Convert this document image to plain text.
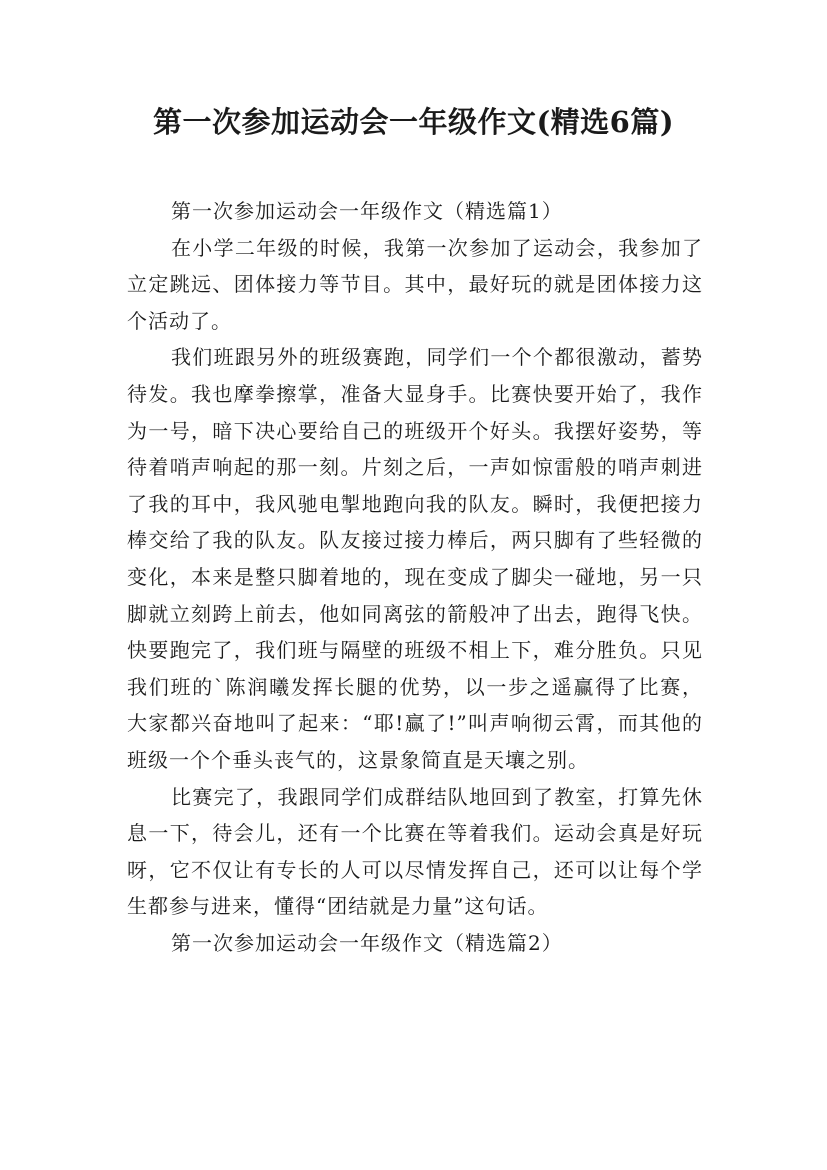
第一次参加运动会一年级作文(精选6篇)

第一次参加运动会一年级作文（精选篇1）

在小学二年级的时候，我第一次参加了运动会，我参加了立定跳远、团体接力等节目。其中，最好玩的就是团体接力这个活动了。

我们班跟另外的班级赛跑，同学们一个个都很激动，蓄势待发。我也摩拳擦掌，准备大显身手。比赛快要开始了，我作为一号，暗下决心要给自己的班级开个好头。我摆好姿势，等待着哨声响起的那一刻。片刻之后，一声如惊雷般的哨声刺进了我的耳中，我风驰电掣地跑向我的队友。瞬时，我便把接力棒交给了我的队友。队友接过接力棒后，两只脚有了些轻微的变化，本来是整只脚着地的，现在变成了脚尖一碰地，另一只脚就立刻跨上前去，他如同离弦的箭般冲了出去，跑得飞快。快要跑完了，我们班与隔壁的班级不相上下，难分胜负。只见我们班的`陈润曦发挥长腿的优势，以一步之遥赢得了比赛，大家都兴奋地叫了起来：“耶!赢了!”叫声响彻云霄，而其他的班级一个个垂头丧气的，这景象简直是天壤之别。

比赛完了，我跟同学们成群结队地回到了教室，打算先休息一下，待会儿，还有一个比赛在等着我们。运动会真是好玩呀，它不仅让有专长的人可以尽情发挥自己，还可以让每个学生都参与进来，懂得“团结就是力量”这句话。

第一次参加运动会一年级作文（精选篇2）
